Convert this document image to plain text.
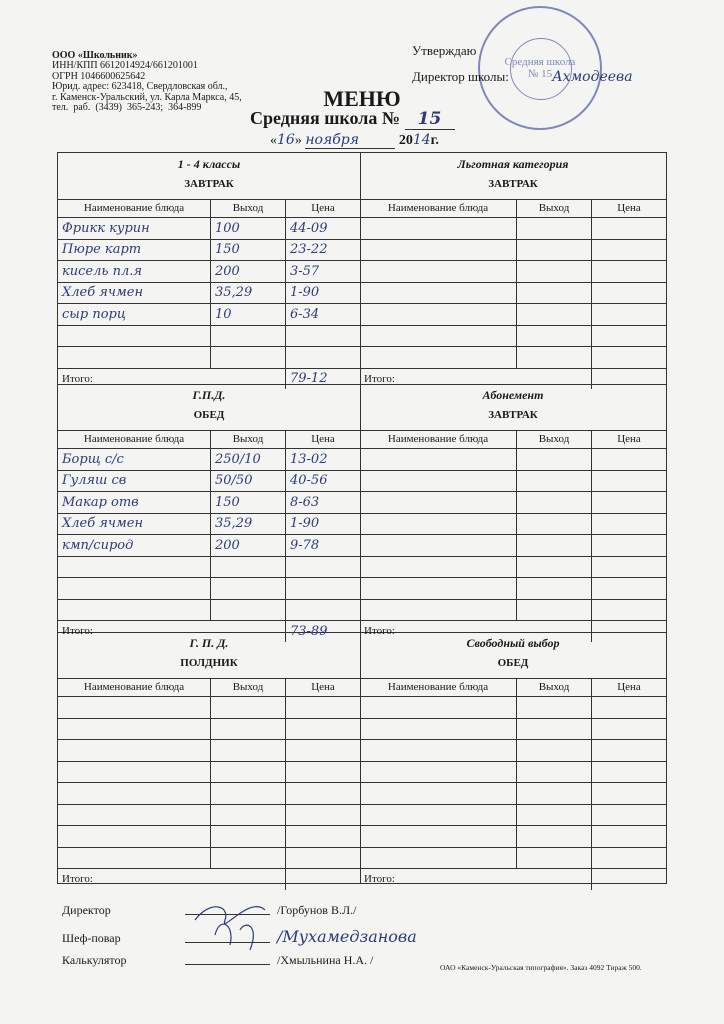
ООО «Школьник»

ИНН/КПП 6612014924/661201001
ОГРН 1046600625642
Юрид. адрес: 623418, Свердловская обл.,
г. Каменск-Уральский, ул. Карла Маркса, 45,
тел.  раб.  (3439)  365-243;  364-899
Средняя школа
№ 15
Утверждаю
Директор школы:	Ахмодеева
МЕНЮ
Средняя школа № 15
«16» ноября	2014г.
1 - 4 классы
ЗАВТРАК
Наименование блюда	Выход	Цена
Фрикк курин	100	44-09
Пюре карт	150	23-22
кисель пл.я	200	3-57
Хлеб ячмен	35,29	1-90
сыр порц	10	6-34

Итого:		79-12
Льготная категория
ЗАВТРАК
Наименование блюда	Выход	Цена

Итого:		
Г.П.Д.
ОБЕД
Наименование блюда	Выход	Цена
Борщ с/с	250/10	13-02
Гуляш св	50/50	40-56
Макар отв	150	8-63
Хлеб ячмен	35,29	1-90
кмп/сирод	200	9-78

Итого:		73-89
Абонемент
ЗАВТРАК
Наименование блюда	Выход	Цена

Итого:		
Г. П. Д.
ПОЛДНИК
Наименование блюда	Выход	Цена

Итого:		
Свободный выбор
ОБЕД
Наименование блюда	Выход	Цена

Итого:		
Директор	/Горбунов В.Л./
Шеф-повар	/Мухамедзанова
Калькулятор	/Хмыльнина Н.А. /
ОАО «Каменск-Уральская типография». Заказ 4092 Тираж 500.
